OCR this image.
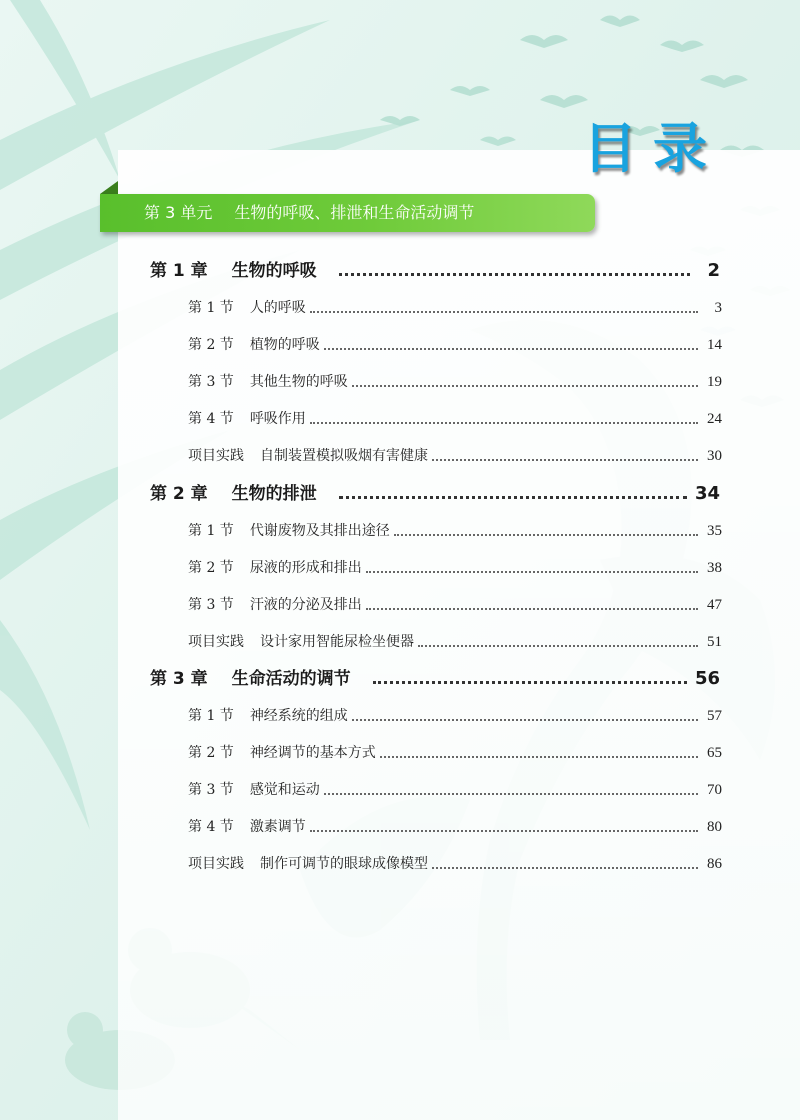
目录
第 3 单元 生物的呼吸、排泄和生命活动调节
第 1 章 生物的呼吸	2
第 1 节 人的呼吸	3
第 2 节 植物的呼吸	14
第 3 节 其他生物的呼吸	19
第 4 节 呼吸作用	24
项目实践 自制装置模拟吸烟有害健康	30
第 2 章 生物的排泄	34
第 1 节 代谢废物及其排出途径	35
第 2 节 尿液的形成和排出	38
第 3 节 汗液的分泌及排出	47
项目实践 设计家用智能尿检坐便器	51
第 3 章 生命活动的调节	56
第 1 节 神经系统的组成	57
第 2 节 神经调节的基本方式	65
第 3 节 感觉和运动	70
第 4 节 激素调节	80
项目实践 制作可调节的眼球成像模型	86
